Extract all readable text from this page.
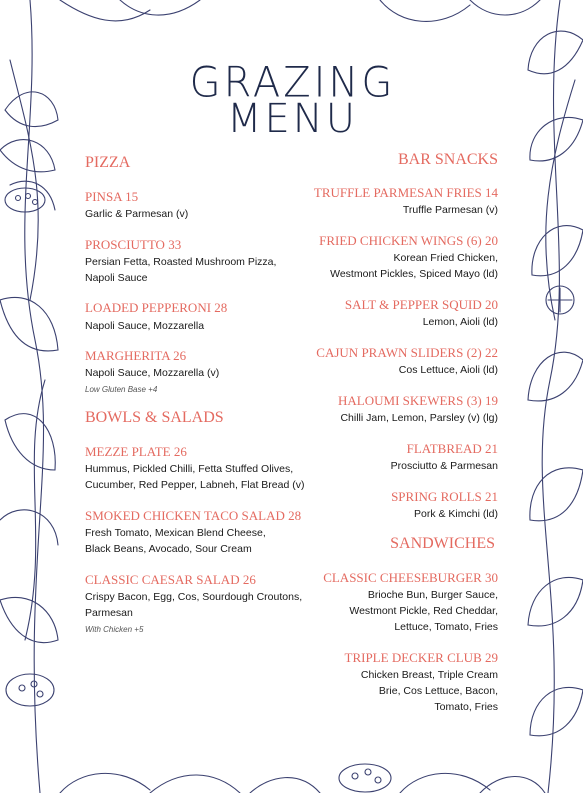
GRAZING
MENU
PIZZA
PINSA 15
Garlic & Parmesan (v)
PROSCIUTTO 33
Persian Fetta, Roasted Mushroom Pizza,
Napoli Sauce
LOADED PEPPERONI 28
Napoli Sauce, Mozzarella
MARGHERITA 26
Napoli Sauce, Mozzarella (v)
Low Gluten Base +4
BOWLS & SALADS
MEZZE PLATE 26
Hummus, Pickled Chilli, Fetta Stuffed Olives,
Cucumber, Red Pepper, Labneh, Flat Bread (v)
SMOKED CHICKEN TACO SALAD 28
Fresh Tomato, Mexican Blend Cheese,
Black Beans, Avocado, Sour Cream
CLASSIC CAESAR SALAD 26
Crispy Bacon, Egg, Cos, Sourdough Croutons,
Parmesan
With Chicken +5
BAR SNACKS
TRUFFLE PARMESAN FRIES 14
Truffle Parmesan (v)
FRIED CHICKEN WINGS (6) 20
Korean Fried Chicken,
Westmont Pickles, Spiced Mayo (ld)
SALT & PEPPER SQUID 20
Lemon, Aioli (ld)
CAJUN PRAWN SLIDERS (2) 22
Cos Lettuce, Aioli (ld)
HALOUMI SKEWERS (3) 19
Chilli Jam, Lemon, Parsley (v) (lg)
FLATBREAD 21
Prosciutto & Parmesan
SPRING ROLLS 21
Pork & Kimchi (ld)
SANDWICHES
CLASSIC CHEESEBURGER 30
Brioche Bun, Burger Sauce,
Westmont Pickle, Red Cheddar,
Lettuce, Tomato, Fries
TRIPLE DECKER CLUB 29
Chicken Breast, Triple Cream
Brie, Cos Lettuce, Bacon,
Tomato, Fries
